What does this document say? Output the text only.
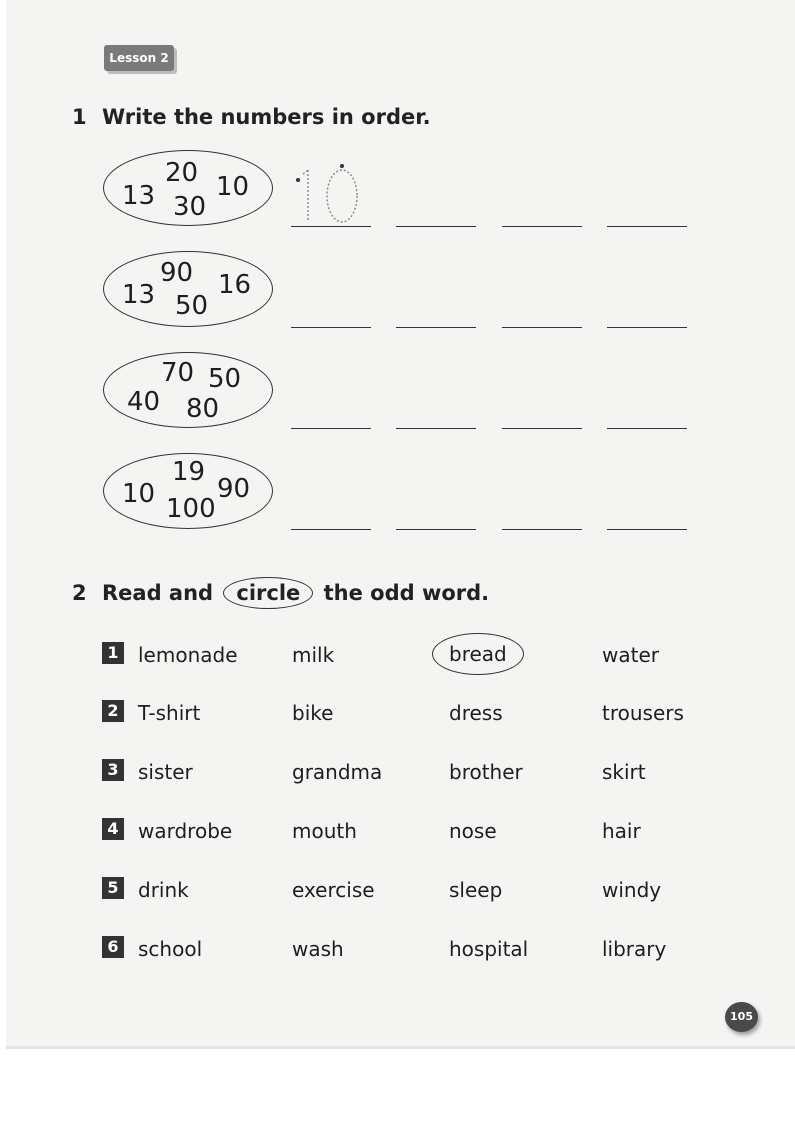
Lesson 2
1 Write the numbers in order.
20
13 10
30
90
13 16
50
70 50
40 80
19
10 90
100
2 Read and circle the odd word.
1 lemonade	milk	bread	water
2 T-shirt	bike	dress	trousers
3 sister	grandma	brother	skirt
4 wardrobe	mouth	nose	hair
5 drink	exercise	sleep	windy
6 school	wash	hospital	library
105
